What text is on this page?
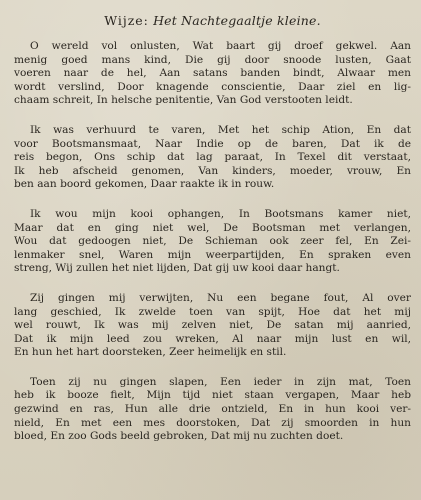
Wijze: Het Nachtegaaltje kleine.
O wereld vol onlusten, Wat baart gij droef gekwel. Aan
menig goed mans kind, Die gij door snoode lusten, Gaat
voeren naar de hel, Aan satans banden bindt, Alwaar men
wordt verslind, Door knagende conscientie, Daar ziel en lig-
chaam schreit, In helsche penitentie, Van God verstooten leidt.
Ik was verhuurd te varen, Met het schip Ation, En dat
voor Bootsmansmaat, Naar Indie op de baren, Dat ik de
reis begon, Ons schip dat lag paraat, In Texel dit verstaat,
Ik heb afscheid genomen, Van kinders, moeder, vrouw, En
ben aan boord gekomen, Daar raakte ik in rouw.
Ik wou mijn kooi ophangen, In Bootsmans kamer niet,
Maar dat en ging niet wel, De Bootsman met verlangen,
Wou dat gedoogen niet, De Schieman ook zeer fel, En Zei-
lenmaker snel, Waren mijn weerpartijden, En spraken even
streng, Wij zullen het niet lijden, Dat gij uw kooi daar hangt.
Zij gingen mij verwijten, Nu een begane fout, Al over
lang geschied, Ik zwelde toen van spijt, Hoe dat het mij
wel rouwt, Ik was mij zelven niet, De satan mij aanried,
Dat ik mijn leed zou wreken, Al naar mijn lust en wil,
En hun het hart doorsteken, Zeer heimelijk en stil.
Toen zij nu gingen slapen, Een ieder in zijn mat, Toen
heb ik booze fielt, Mijn tijd niet staan vergapen, Maar heb
gezwind en ras, Hun alle drie ontzield, En in hun kooi ver-
nield, En met een mes doorstoken, Dat zij smoorden in hun
bloed, En zoo Gods beeld gebroken, Dat mij nu zuchten doet.
